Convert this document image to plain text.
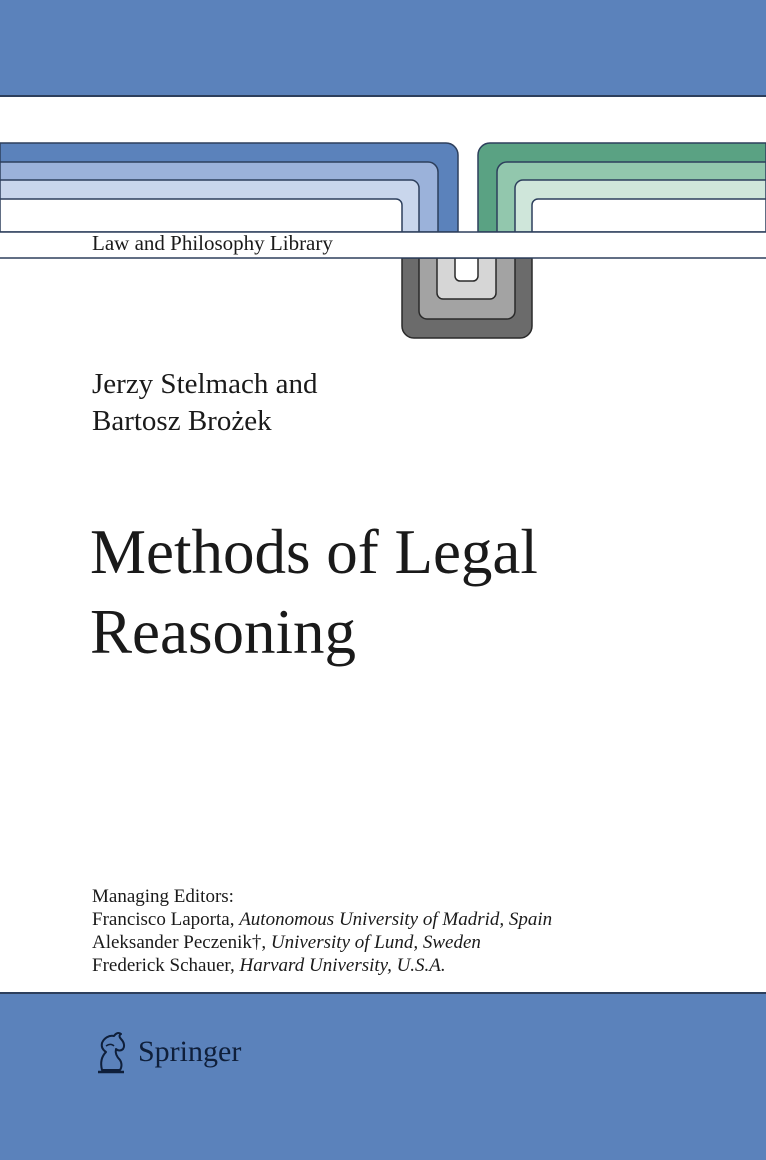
Law and Philosophy Library
Jerzy Stelmach and
Bartosz Brożek
Methods of Legal
Reasoning
Managing Editors:
Francisco Laporta, Autonomous University of Madrid, Spain
Aleksander Peczenik†, University of Lund, Sweden
Frederick Schauer, Harvard University, U.S.A.
Springer
